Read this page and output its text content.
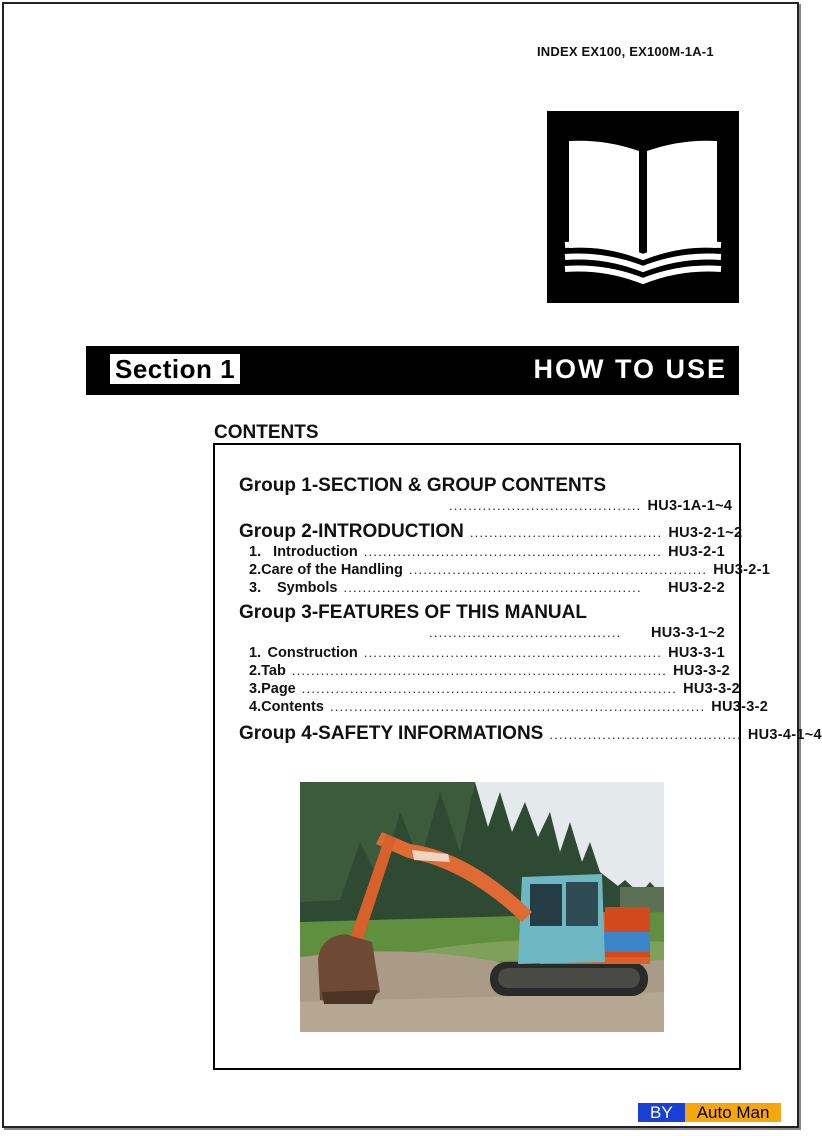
INDEX EX100, EX100M-1A-1
Section 1	HOW TO USE
CONTENTS
Group 1-SECTION & GROUP CONTENTS
........................................ HU3-1A-1~4
Group 2-INTRODUCTION ........................................ HU3-2-1~2
1. Introduction .............................................................. HU3-2-1
2. Care of the Handling .............................................................. HU3-2-1
3.	Symbols ..............................................................	HU3-2-2
Group 3-FEATURES OF THIS MANUAL
........................................	HU3-3-1~2
1. Construction .............................................................. HU3-3-1
2. Tab .............................................................................. HU3-3-2
3. Page .............................................................................. HU3-3-2
4. Contents .............................................................................. HU3-3-2
Group 4-SAFETY INFORMATIONS ........................................ HU3-4-1~4
BY	Auto Man
